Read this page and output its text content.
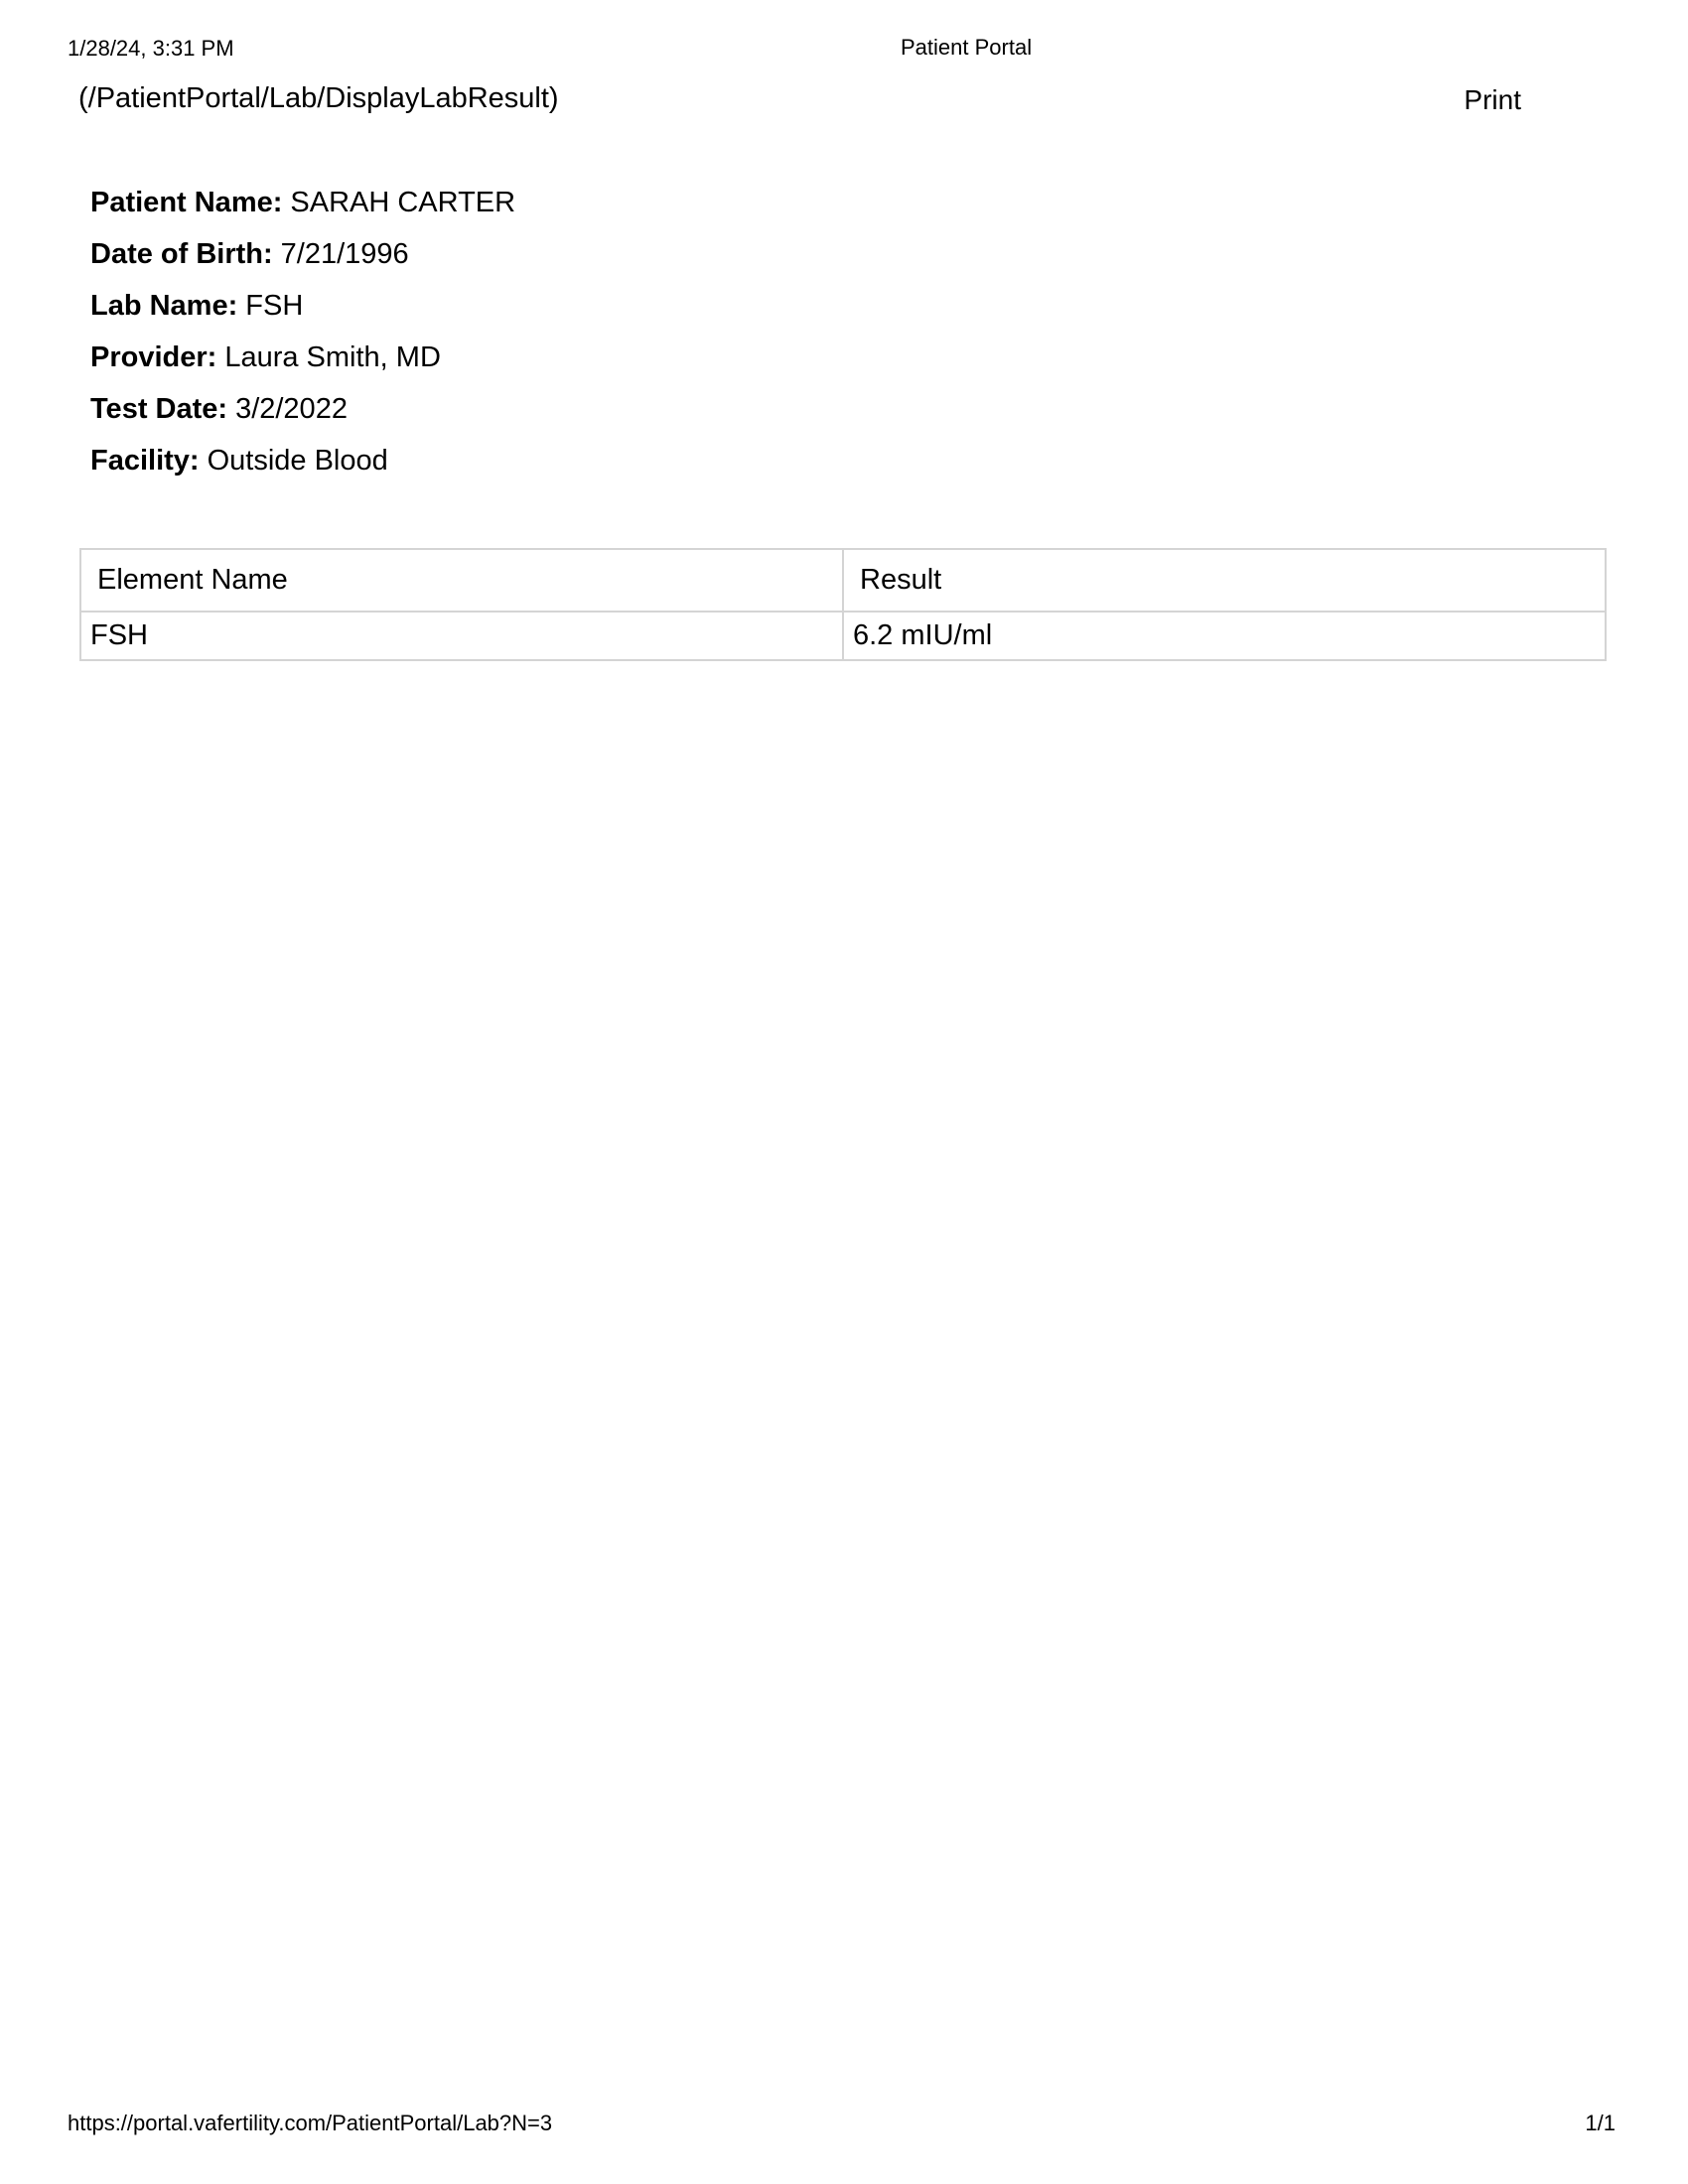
1/28/24, 3:31 PM	Patient Portal
(/PatientPortal/Lab/DisplayLabResult)	Print
Patient Name: SARAH CARTER
Date of Birth: 7/21/1996
Lab Name: FSH
Provider: Laura Smith, MD
Test Date: 3/2/2022
Facility: Outside Blood
Element Name	Result
FSH	6.2 mIU/ml
https://portal.vafertility.com/PatientPortal/Lab?N=3	1/1
